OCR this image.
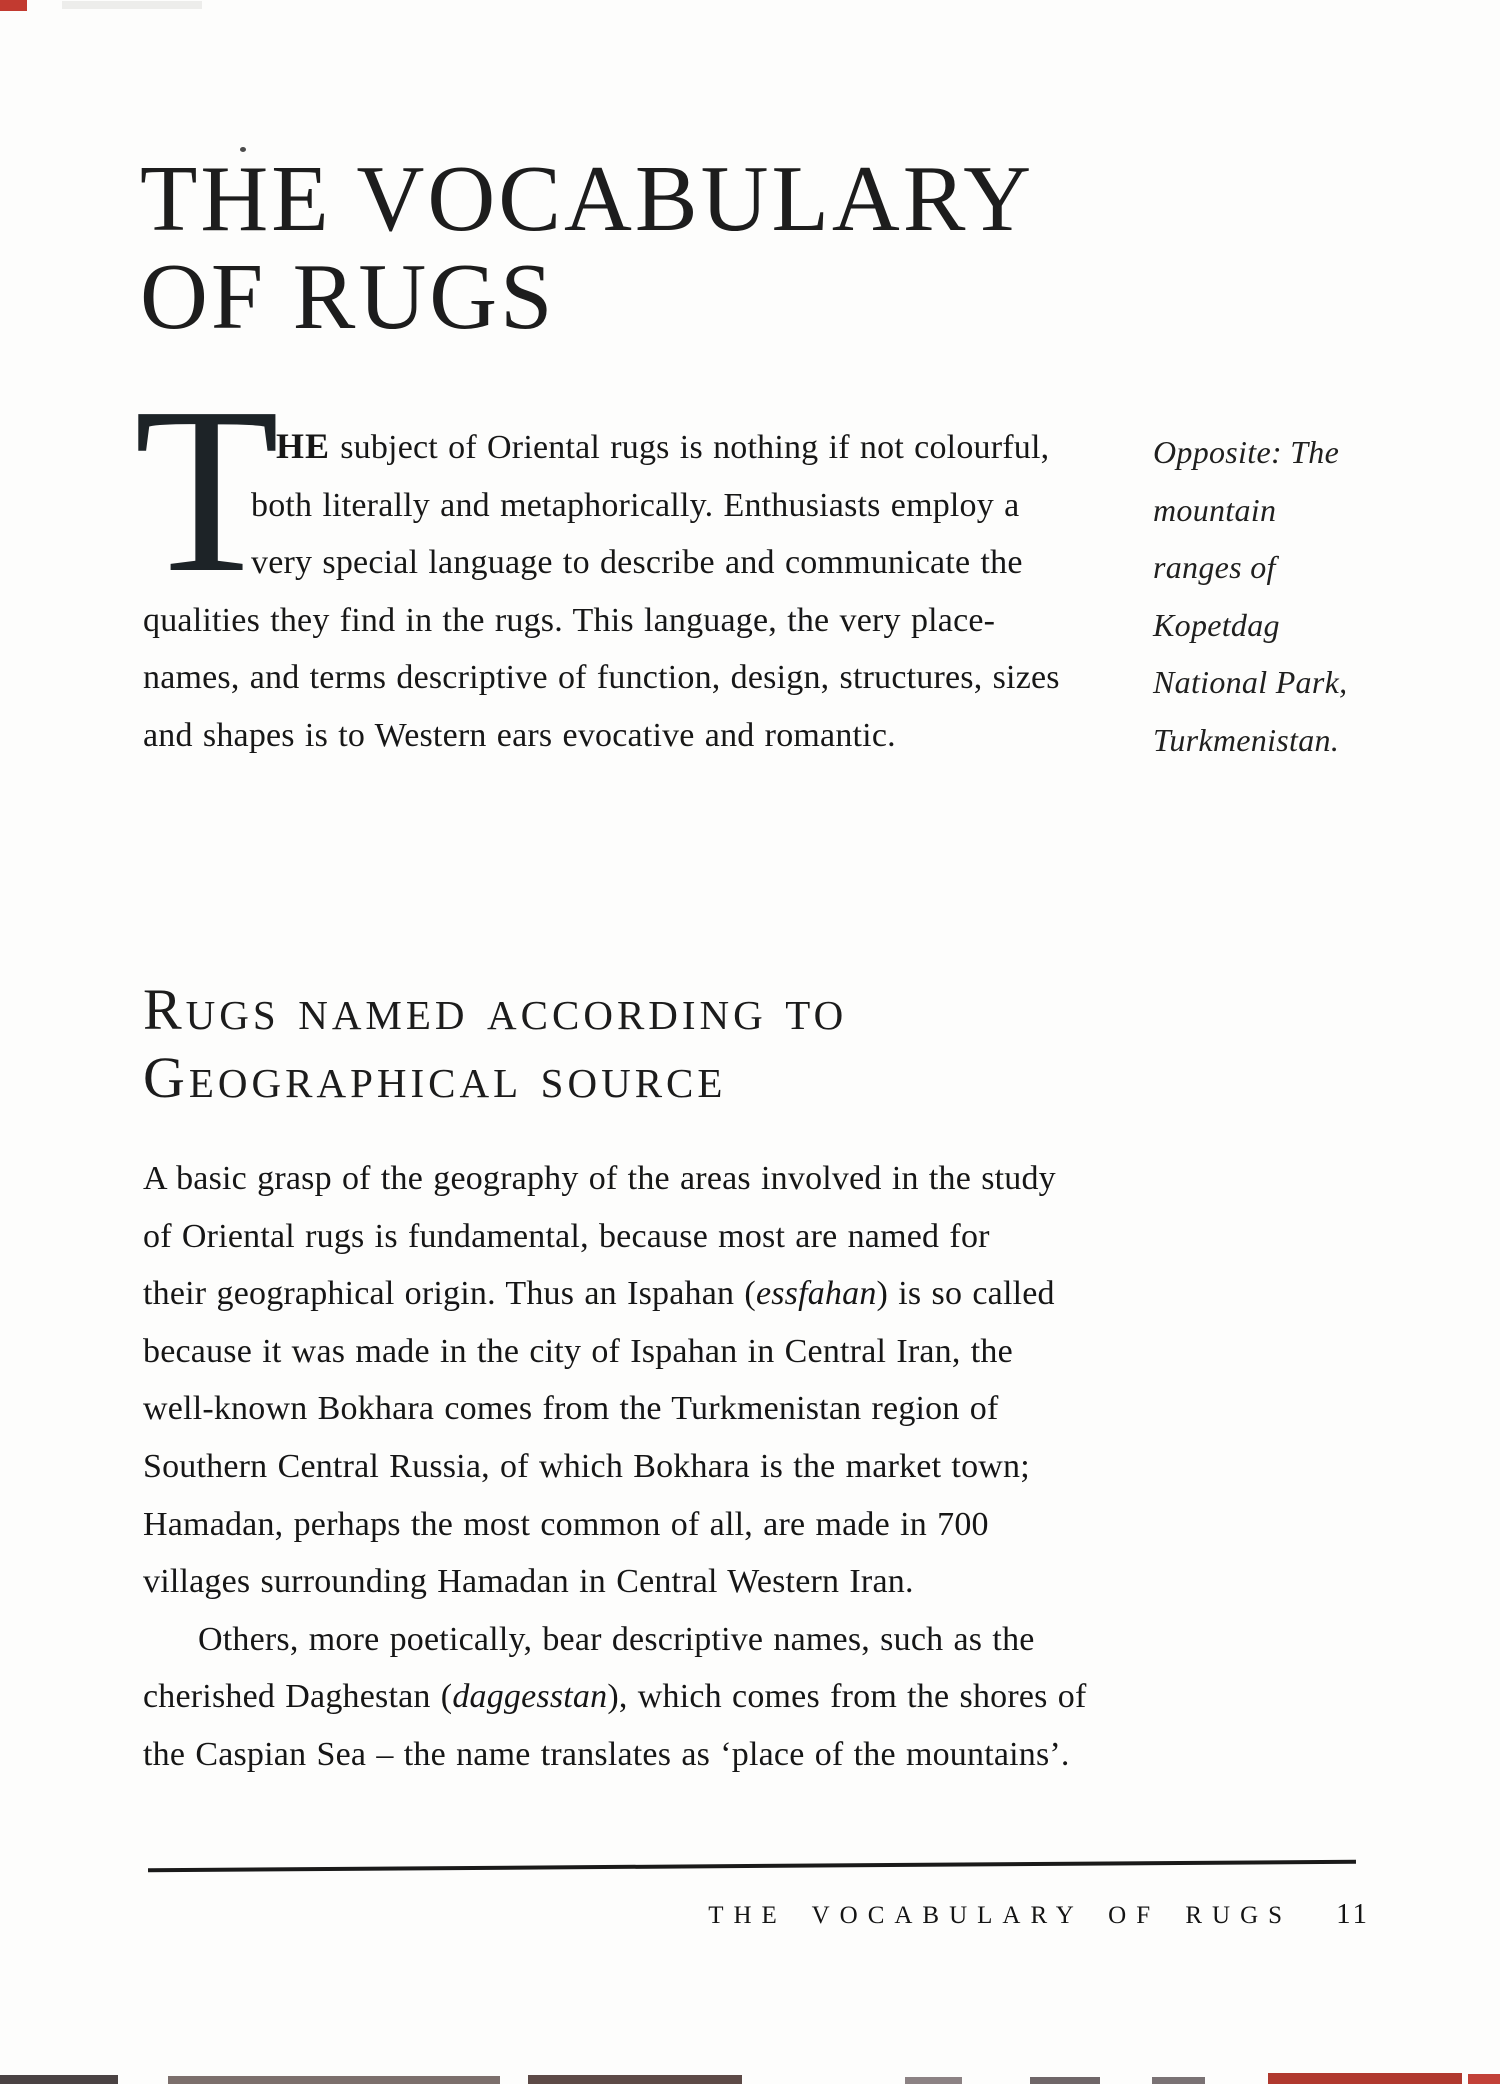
THE VOCABULARY
OF RUGS
T
HE subject of Oriental rugs is nothing if not colourful,
both literally and metaphorically. Enthusiasts employ a
very special language to describe and communicate the
qualities they find in the rugs. This language, the very place-
names, and terms descriptive of function, design, structures, sizes
and shapes is to Western ears evocative and romantic.
Opposite: The
mountain
ranges of
Kopetdag
National Park,
Turkmenistan.
Rugs named according to
Geographical source
A basic grasp of the geography of the areas involved in the study
of Oriental rugs is fundamental, because most are named for
their geographical origin. Thus an Ispahan (essfahan) is so called
because it was made in the city of Ispahan in Central Iran, the
well-known Bokhara comes from the Turkmenistan region of
Southern Central Russia, of which Bokhara is the market town;
Hamadan, perhaps the most common of all, are made in 700
villages surrounding Hamadan in Central Western Iran.
Others, more poetically, bear descriptive names, such as the
cherished Daghestan (daggesstan), which comes from the shores of
the Caspian Sea – the name translates as ‘place of the mountains’.
THE VOCABULARY OF RUGS 11
